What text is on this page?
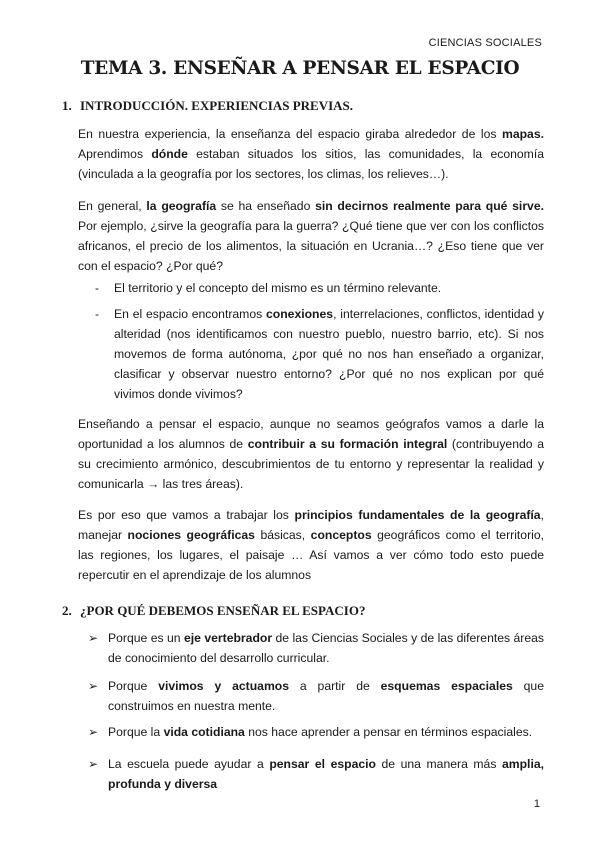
CIENCIAS SOCIALES
TEMA 3. ENSEÑAR A PENSAR EL ESPACIO
1. INTRODUCCIÓN. EXPERIENCIAS PREVIAS.
En nuestra experiencia, la enseñanza del espacio giraba alrededor de los mapas. Aprendimos dónde estaban situados los sitios, las comunidades, la economía (vinculada a la geografía por los sectores, los climas, los relieves…).
En general, la geografía se ha enseñado sin decirnos realmente para qué sirve. Por ejemplo, ¿sirve la geografía para la guerra? ¿Qué tiene que ver con los conflictos africanos, el precio de los alimentos, la situación en Ucrania…? ¿Eso tiene que ver con el espacio? ¿Por qué?
-	El territorio y el concepto del mismo es un término relevante.
-	En el espacio encontramos conexiones, interrelaciones, conflictos, identidad y alteridad (nos identificamos con nuestro pueblo, nuestro barrio, etc). Si nos movemos de forma autónoma, ¿por qué no nos han enseñado a organizar, clasificar y observar nuestro entorno? ¿Por qué no nos explican por qué vivimos donde vivimos?
Enseñando a pensar el espacio, aunque no seamos geógrafos vamos a darle la oportunidad a los alumnos de contribuir a su formación integral (contribuyendo a su crecimiento armónico, descubrimientos de tu entorno y representar la realidad y comunicarla → las tres áreas).
Es por eso que vamos a trabajar los principios fundamentales de la geografía, manejar nociones geográficas básicas, conceptos geográficos como el territorio, las regiones, los lugares, el paisaje … Así vamos a ver cómo todo esto puede repercutir en el aprendizaje de los alumnos
2. ¿POR QUÉ DEBEMOS ENSEÑAR EL ESPACIO?
➢ Porque es un eje vertebrador de las Ciencias Sociales y de las diferentes áreas de conocimiento del desarrollo curricular.
➢ Porque vivimos y actuamos a partir de esquemas espaciales que construimos en nuestra mente.
➢ Porque la vida cotidiana nos hace aprender a pensar en términos espaciales.
➢ La escuela puede ayudar a pensar el espacio de una manera más amplia, profunda y diversa
1
